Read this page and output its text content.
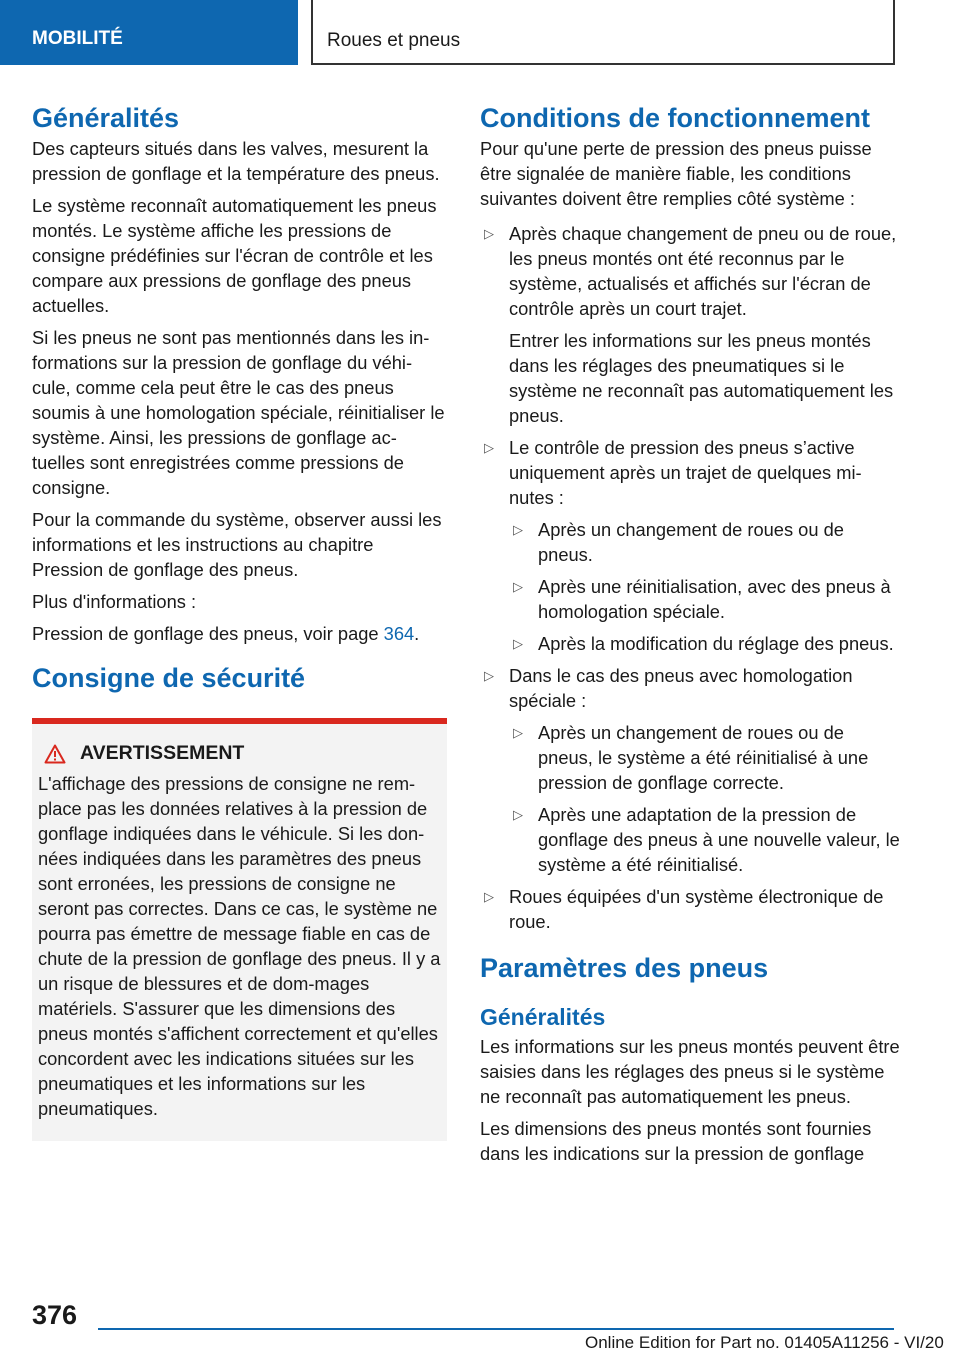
MOBILITÉ	Roues et pneus
Généralités

Des capteurs situés dans les valves, mesurent la pression de gonflage et la température des pneus.

Le système reconnaît automatiquement les pneus montés. Le système affiche les pressions de consigne prédéfinies sur l'écran de contrôle et les compare aux pressions de gonflage des pneus actuelles.

Si les pneus ne sont pas mentionnés dans les in-formations sur la pression de gonflage du véhi-cule, comme cela peut être le cas des pneus soumis à une homologation spéciale, réinitialiser le système. Ainsi, les pressions de gonflage ac-tuelles sont enregistrées comme pressions de consigne.

Pour la commande du système, observer aussi les informations et les instructions au chapitre Pression de gonflage des pneus.

Plus d'informations :

Pression de gonflage des pneus, voir page 364.

Consigne de sécurité
AVERTISSEMENT

L'affichage des pressions de consigne ne rem-place pas les données relatives à la pression de gonflage indiquées dans le véhicule. Si les don-nées indiquées dans les paramètres des pneus sont erronées, les pressions de consigne ne seront pas correctes. Dans ce cas, le système ne pourra pas émettre de message fiable en cas de chute de la pression de gonflage des pneus. Il y a un risque de blessures et de dom-mages matériels. S'assurer que les dimensions des pneus montés s'affichent correctement et qu'elles concordent avec les indications situées sur les pneumatiques et les informations sur les pneumatiques.

Conditions de fonctionnement

Pour qu'une perte de pression des pneus puisse être signalée de manière fiable, les conditions suivantes doivent être remplies côté système :

▷ Après chaque changement de pneu ou de roue, les pneus montés ont été reconnus par le système, actualisés et affichés sur l'écran de contrôle après un court trajet.
Entrer les informations sur les pneus montés dans les réglages des pneumatiques si le système ne reconnaît pas automatiquement les pneus.
▷ Le contrôle de pression des pneus s’active uniquement après un trajet de quelques mi-nutes :
▷ Après un changement de roues ou de pneus.
▷ Après une réinitialisation, avec des pneus à homologation spéciale.
▷ Après la modification du réglage des pneus.
▷ Dans le cas des pneus avec homologation spéciale :
▷ Après un changement de roues ou de pneus, le système a été réinitialisé à une pression de gonflage correcte.
▷ Après une adaptation de la pression de gonflage des pneus à une nouvelle valeur, le système a été réinitialisé.
▷ Roues équipées d'un système électronique de roue.
Paramètres des pneus
Généralités

Les informations sur les pneus montés peuvent être saisies dans les réglages des pneus si le système ne reconnaît pas automatiquement les pneus.

Les dimensions des pneus montés sont fournies dans les indications sur la pression de gonflage

376
Online Edition for Part no. 01405A11256 - VI/20
